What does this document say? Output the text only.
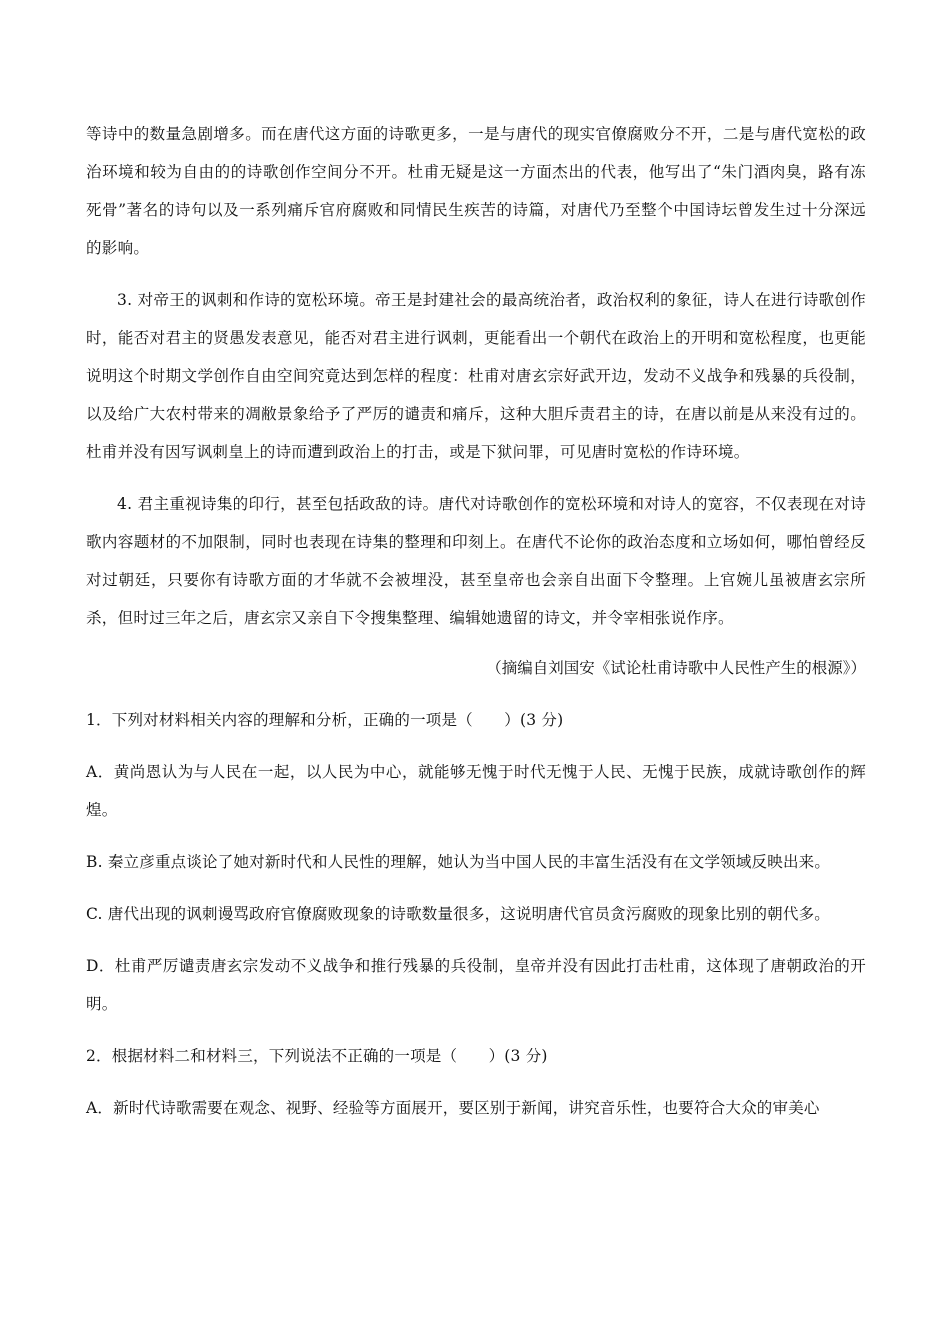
等诗中的数量急剧增多。而在唐代这方面的诗歌更多，一是与唐代的现实官僚腐败分不开，二是与唐代宽松的政治环境和较为自由的的诗歌创作空间分不开。杜甫无疑是这一方面杰出的代表，他写出了“朱门酒肉臭，路有冻死骨”著名的诗句以及一系列痛斥官府腐败和同情民生疾苦的诗篇，对唐代乃至整个中国诗坛曾发生过十分深远的影响。

3. 对帝王的讽刺和作诗的宽松环境。帝王是封建社会的最高统治者，政治权利的象征，诗人在进行诗歌创作时，能否对君主的贤愚发表意见，能否对君主进行讽刺，更能看出一个朝代在政治上的开明和宽松程度，也更能说明这个时期文学创作自由空间究竟达到怎样的程度：杜甫对唐玄宗好武开边，发动不义战争和残暴的兵役制，以及给广大农村带来的凋敝景象给予了严厉的谴责和痛斥，这种大胆斥责君主的诗，在唐以前是从来没有过的。杜甫并没有因写讽刺皇上的诗而遭到政治上的打击，或是下狱问罪，可见唐时宽松的作诗环境。

4. 君主重视诗集的印行，甚至包括政敌的诗。唐代对诗歌创作的宽松环境和对诗人的宽容，不仅表现在对诗歌内容题材的不加限制，同时也表现在诗集的整理和印刻上。在唐代不论你的政治态度和立场如何，哪怕曾经反对过朝廷，只要你有诗歌方面的才华就不会被埋没，甚至皇帝也会亲自出面下令整理。上官婉儿虽被唐玄宗所杀，但时过三年之后，唐玄宗又亲自下令搜集整理、编辑她遗留的诗文，并令宰相张说作序。

（摘编自刘国安《试论杜甫诗歌中人民性产生的根源》）

1．下列对材料相关内容的理解和分析，正确的一项是（　　）(3 分)

A．黄尚恩认为与人民在一起，以人民为中心，就能够无愧于时代无愧于人民、无愧于民族，成就诗歌创作的辉煌。

B. 秦立彦重点谈论了她对新时代和人民性的理解，她认为当中国人民的丰富生活没有在文学领域反映出来。

C. 唐代出现的讽刺谩骂政府官僚腐败现象的诗歌数量很多，这说明唐代官员贪污腐败的现象比别的朝代多。

D．杜甫严厉谴责唐玄宗发动不义战争和推行残暴的兵役制，皇帝并没有因此打击杜甫，这体现了唐朝政治的开明。

2．根据材料二和材料三，下列说法不正确的一项是（　　）(3 分)

A．新时代诗歌需要在观念、视野、经验等方面展开，要区别于新闻，讲究音乐性，也要符合大众的审美心
